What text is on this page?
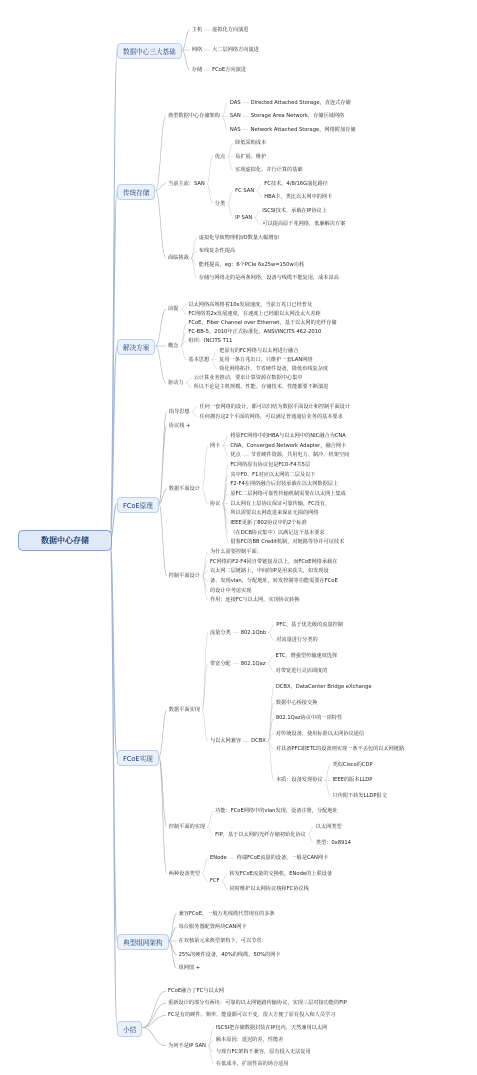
数据中心存储
数据中心三大基础
主机 虚拟化方向演进
网络 大二层网络方向演进
存储 FCoE方向演进
传统存储
典型数据中心存储架构
DAS Directed Attached Storage，直连式存储
SAN Storage Area Network，存储区域网络
NAS Network Attached Storage，网络附加存储
当前主流：SAN
优点
降低采购成本
易扩展、维护
实现虚拟化、并行计算的基础
分类
FC SAN
FC技术，4/8/16G演化路径
HBA卡，类比以太网中的网卡
IP SAN
ISCSI技术，承载在IP协议上
可以提高原千兆网络，低廉解决方案
面临挑战
虚拟化导致物理机I/O数量大幅增加
布线复杂性提高
能耗提高，eg：6个PCIe 6x25w=150w功耗
存储与网络走的是两条网络，设备与线缆不能复用，成本昂高
解决方案
前提
以太网络高规格着10x发展速度，当前万兆口已经普及
FC网络着2x发展速度，在速度上已经跟以太网没太大差距
概念
FCoE，Fiber Channel over Ethernet，基于以太网的光纤存储
FC-BB-5，2010年正式标准化，ANSI/INCITS 462-2010
组织：INCITS T11
基本思想
把原有的FC网络与以太网进行融合
复用一条万兆出口，只维护一套LAN网络
简化网络拓扑，节省硬件设备，降低布线复杂度
驱动力
云计算业务推动，要求计算资源在数据中心集中
所以不论是主机规模、性能、存储技术、性能都要不断演进
FCoE原理
指导思想
任何一套网络的设计，都可以归结为数据平面设计和控制平面设计
任何拥有这2个平面的网络，可以满足普通通信业务的基本要求
协议栈 +
数据平面设计
网卡
将原FC网络中的HBA与以太网中的NIC融合为CNA
CNA，Converged Network Adapter，融合网卡
优点 节省硬件资源，共用电力、制冷、机架空间
协议
FC网络原有协议包是FC0-F4共5层
其中F0、F1对应以太网的二层及以下
F2-F4在网络融合后封装承载在以太网数据层上
原FC二层网络可靠性传输机制需要在以太网上集成
以太网有上层协议保证可靠传输，FC没有，
所以需要以太网改进来保证无损的网络
IEEE更新了802协议中的2个标准
（在DCB协议集中）以满足这个基本要求
借鉴FC的BB Credit机制，对链路等待许可证技术
控制平面设计
为什么需要控制平面：
FC网络的F2-F4同自带链接及以上，而FCoE网络承载在
以太网二层链路上，中间的IP是用来获失，如发现设
备、发现vlan，分配地址，转发控制等功能需要在FCoE
的设计中考虑实现
作用：连接FC与以太网，实现协议转换
FCoE实现
数据平面实现
流量分类 802.1Qbb
PFC，基于优先级的流量控制
对流量进行分类的
带宽分配 802.1Qaz
ETC，增强型传输速度选择
对带宽进行灵活调度的
与以太网兼容 DCBX
DCBX，DataCenter Bridge eXchange
数据中心桥接交换
802.1Qaz协议中的一项特性
对传统设备，使用标准以太网协议通信
对具备PFC跟ETC的设备则实现一条不丢包的以太网链路
本质：设备发现协议
类似Cisco的CDP
IEEE的版本LLDP
只传附不转发LLDP报文
控制平面的实现
功能：FCoE网络中的vlan发现，设备注册，分配地址
FIP，基于以太网的光纤存储初始化协议
以太网类型
类型：0x8914
两种设备类型
ENode 终端FCoE流量的设备，一般是CAN网卡
FCF
转发FCoE流量的交换机，ENode的上联设备
同时维护以太网协议栈和FC协议栈
典型组网架构
兼容FCoE，一般万兆线缆代替现有的多条
每台服务器配置两块CAN网卡
在双核第元来典型架构下，可以节省：
25%的硬件设备，40%的线缆，50%的网卡
组网图 +
小结
FCoE融合了FC与以太网
重新设计的部分有两块：可靠的以太网链路传输协议，实现三层对接功能的FIP
FC是有的硬件、频率、能量都可以不变，很大方便了原有投入和人员学习
为何不是IP SAN
ISCSI把存储数据封装在IP包内，天然兼用以太网
额本原因：延迟阶差，性能差
与现有FC架构不兼容，原有投入无法复用
在低成本，扩展性高的场合适用
